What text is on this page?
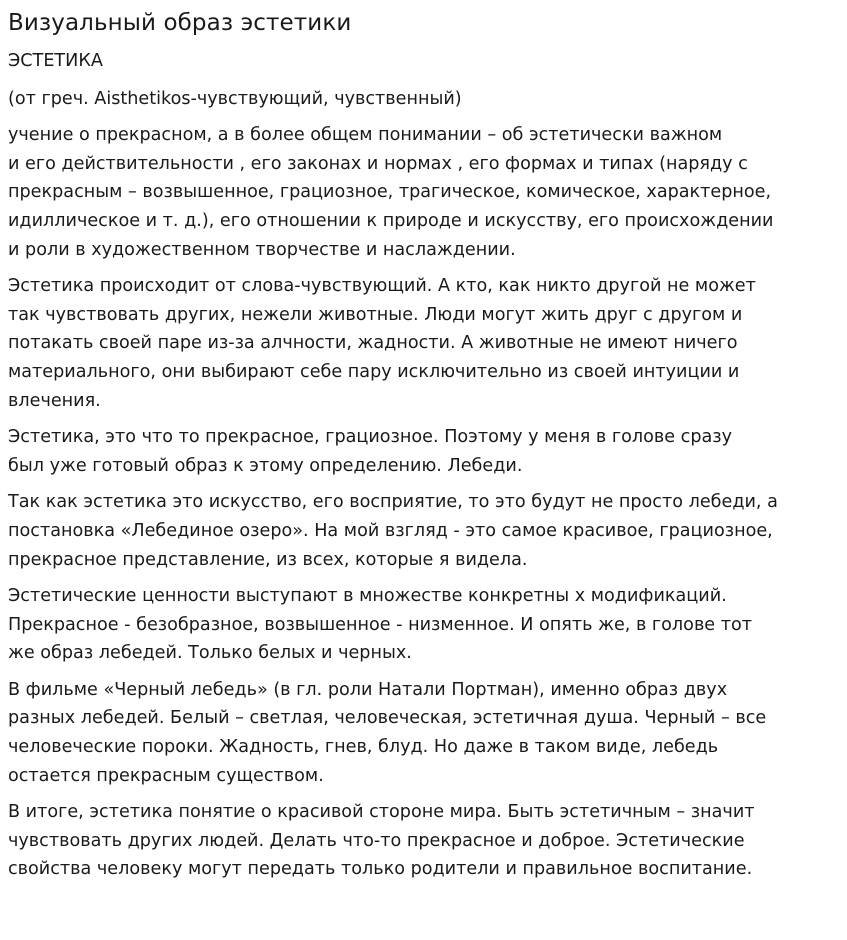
Визуальный образ эстетики

ЭСТЕТИКА

(от греч. Aisthetikos-чувствующий, чувственный)

учение о прекрасном, а в более общем понимании – об эстетически важном
и его действительности , его законах и нормах , его формах и типах (наряду с
прекрасным – возвышенное, грациозное, трагическое, комическое, характерное,
идиллическое и т. д.), его отношении к природе и искусству, его происхождении
и роли в художественном творчестве и наслаждении.

Эстетика происходит от слова-чувствующий. А кто, как никто другой не может
так чувствовать других, нежели животные. Люди могут жить друг с другом и
потакать своей паре из-за алчности, жадности. А животные не имеют ничего
материального, они выбирают себе пару исключительно из своей интуиции и
влечения.

Эстетика, это что то прекрасное, грациозное. Поэтому у меня в голове сразу
был уже готовый образ к этому определению. Лебеди.

Так как эстетика это искусство, его восприятие, то это будут не просто лебеди, а
постановка «Лебединое озеро». На мой взгляд - это самое красивое, грациозное,
прекрасное представление, из всех, которые я видела.

Эстетические ценности выступают в множестве конкретны х модификаций.
Прекрасное - безобразное, возвышенное - низменное. И опять же, в голове тот
же образ лебедей. Только белых и черных.

В фильме «Черный лебедь» (в гл. роли Натали Портман), именно образ двух
разных лебедей. Белый – светлая, человеческая, эстетичная душа. Черный – все
человеческие пороки. Жадность, гнев, блуд. Но даже в таком виде, лебедь
остается прекрасным существом.

В итоге, эстетика понятие о красивой стороне мира. Быть эстетичным – значит
чувствовать других людей. Делать что-то прекрасное и доброе. Эстетические
свойства человеку могут передать только родители и правильное воспитание.
